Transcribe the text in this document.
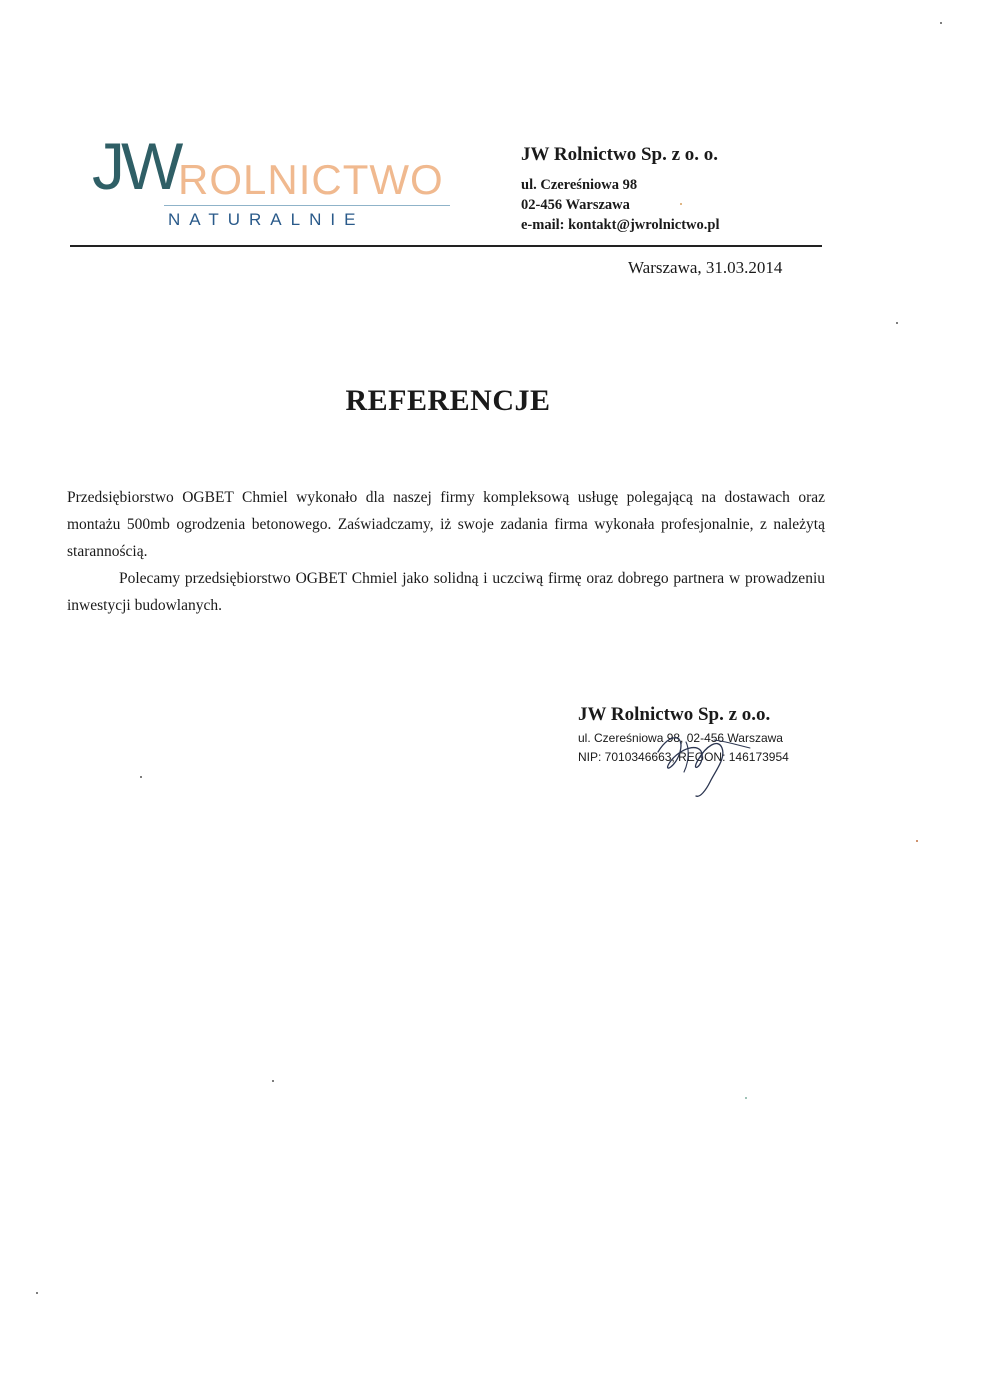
JW
ROLNICTWO
NATURALNIE
JW Rolnictwo Sp. z o. o.
ul. Czereśniowa 98
02-456 Warszawa
e-mail: kontakt@jwrolnictwo.pl
Warszawa, 31.03.2014
REFERENCJE

Przedsiębiorstwo OGBET Chmiel wykonało dla naszej firmy kompleksową usługę polegającą na dostawach oraz montażu 500mb ogrodzenia betonowego. Zaświadczamy, iż swoje zadania firma wykonała profesjonalnie, z należytą starannością.

Polecamy przedsiębiorstwo OGBET Chmiel jako solidną i uczciwą firmę oraz dobrego partnera w prowadzeniu inwestycji budowlanych.

JW Rolnictwo Sp. z o.o.
ul. Czereśniowa 98, 02-456 Warszawa
NIP: 7010346663, REGON: 146173954
